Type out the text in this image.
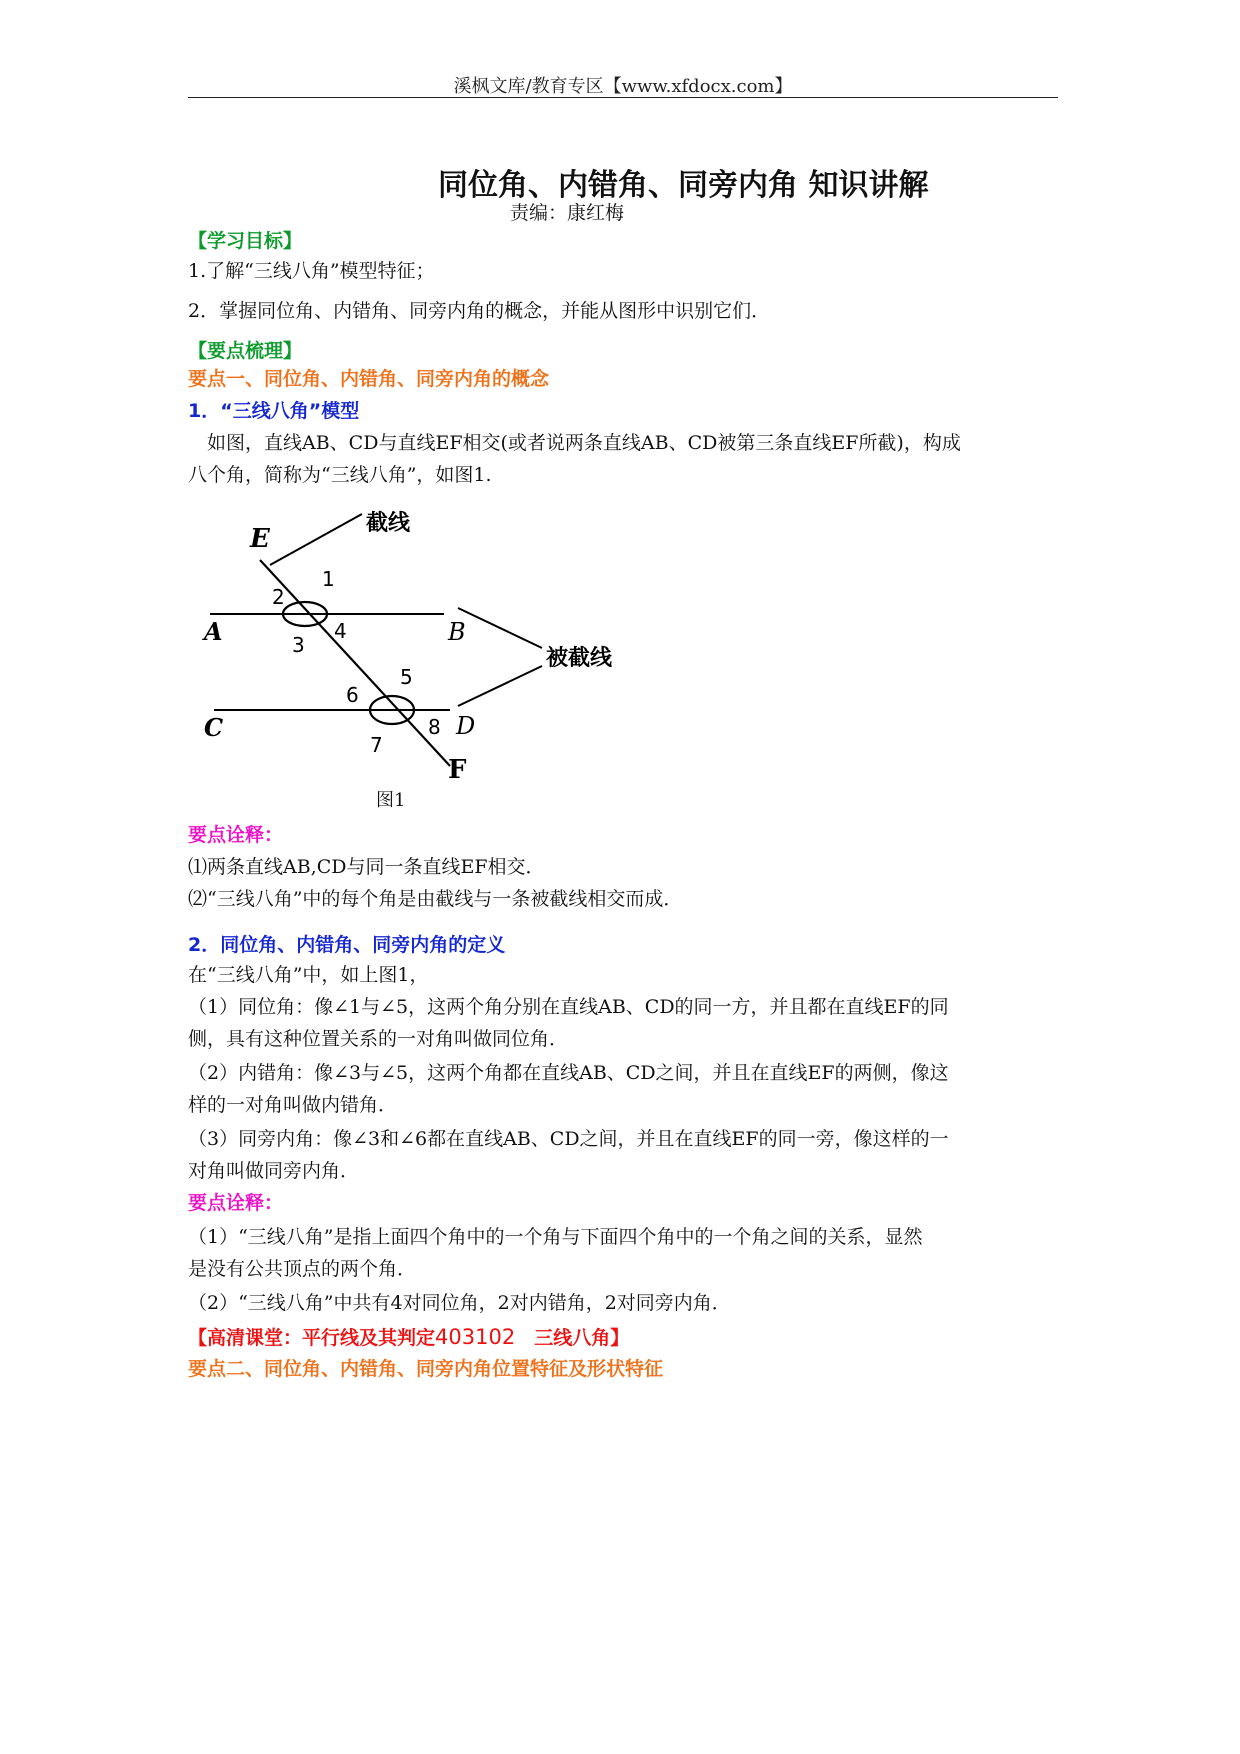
溪枫文库/教育专区【www.xfdocx.com】
同位角、内错角、同旁内角 知识讲解
责编：康红梅
【学习目标】
1.了解“三线八角”模型特征；
2．掌握同位角、内错角、同旁内角的概念，并能从图形中识别它们．
【要点梳理】
要点一、同位角、内错角、同旁内角的概念
1．“三线八角”模型
　如图，直线AB、CD与直线EF相交(或者说两条直线AB、CD被第三条直线EF所截)，构成
八个角，简称为“三线八角”，如图1.
E
F
A	B
C	D
1
2
3
4
5
6
7
8
截线
被截线
图1
要点诠释：
⑴两条直线AB,CD与同一条直线EF相交．
⑵“三线八角”中的每个角是由截线与一条被截线相交而成．
2．同位角、内错角、同旁内角的定义
在“三线八角”中，如上图1，
（1）同位角：像∠1与∠5，这两个角分别在直线AB、CD的同一方，并且都在直线EF的同
侧，具有这种位置关系的一对角叫做同位角．
（2）内错角：像∠3与∠5，这两个角都在直线AB、CD之间，并且在直线EF的两侧，像这
样的一对角叫做内错角．
（3）同旁内角：像∠3和∠6都在直线AB、CD之间，并且在直线EF的同一旁，像这样的一
对角叫做同旁内角．
要点诠释：
（1）“三线八角”是指上面四个角中的一个角与下面四个角中的一个角之间的关系，显然
是没有公共顶点的两个角．
（2）“三线八角”中共有4对同位角，2对内错角，2对同旁内角．
【高清课堂：平行线及其判定403102　三线八角】
要点二、同位角、内错角、同旁内角位置特征及形状特征
